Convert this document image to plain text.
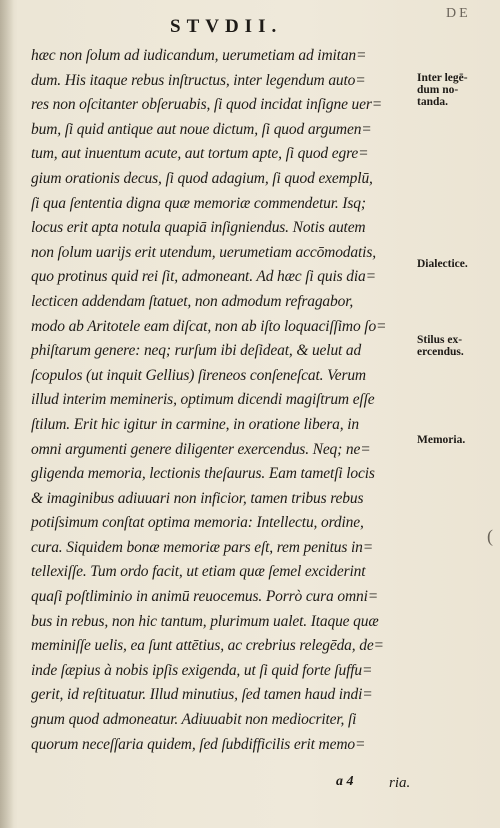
STVDII.
DE
hæc non ſolum ad iudicandum, uerumetiam ad imitan=
dum. His itaque rebus inſtructus, inter legendum auto=
res non oſcitanter obſeruabis, ſi quod incidat inſigne uer=
bum, ſi quid antique aut noue dictum, ſi quod argumen=
tum, aut inuentum acute, aut tortum apte, ſi quod egre=
gium orationis decus, ſi quod adagium, ſi quod exemplū,
ſi qua ſententia digna quæ memoriæ commendetur. Isq;
locus erit apta notula quapiā inſigniendus. Notis autem
non ſolum uarijs erit utendum, uerumetiam accōmodatis,
quo protinus quid rei ſit, admoneant. Ad hæc ſi quis dia=
lecticen addendam ſtatuet, non admodum refragabor,
modo ab Aritotele eam diſcat, non ab iſto loquaciſſimo ſo=
phiſtarum genere: neq; rurſum ibi deſideat, & uelut ad
ſcopulos (ut inquit Gellius) ſireneos conſeneſcat. Verum
illud interim memineris, optimum dicendi magiſtrum eſſe
ſtilum. Erit hic igitur in carmine, in oratione libera, in
omni argumenti genere diligenter exercendus. Neq; ne=
gligenda memoria, lectionis theſaurus. Eam tametſi locis
& imaginibus adiuuari non inficior, tamen tribus rebus
potiſsimum conſtat optima memoria: Intellectu, ordine,
cura. Siquidem bonæ memoriæ pars eſt, rem penitus in=
tellexiſſe. Tum ordo facit, ut etiam quæ ſemel exciderint
quaſi poſtliminio in animū reuocemus. Porrò cura omni=
bus in rebus, non hic tantum, plurimum ualet. Itaque quæ
meminiſſe uelis, ea ſunt attētius, ac crebrius relegēda, de=
inde ſæpius à nobis ipſis exigenda, ut ſi quid forte ſuffu=
gerit, id reſtituatur. Illud minutius, ſed tamen haud indi=
gnum quod admoneatur. Adiuuabit non mediocriter, ſi
quorum neceſſaria quidem, ſed ſubdifficilis erit memo=
Inter legē-
dum no-
tanda.
Dialectice.
Stilus ex-
ercendus.
Memoria.
a 4 ria.
(
